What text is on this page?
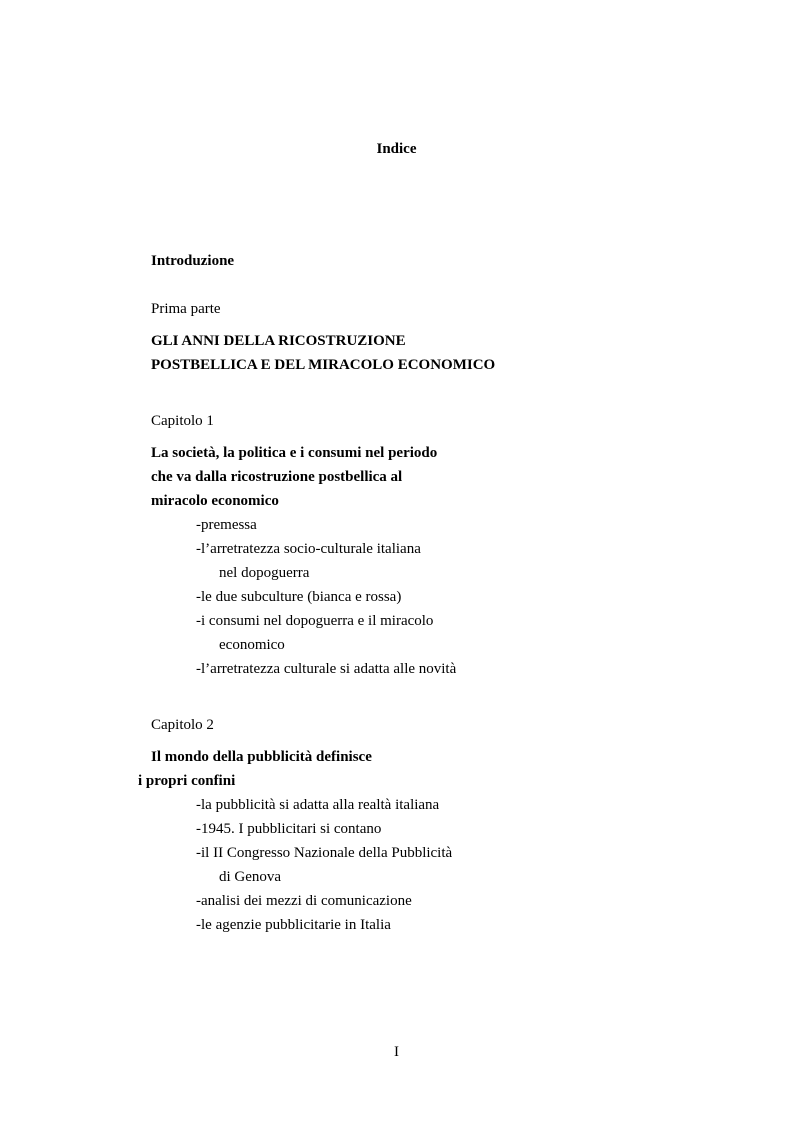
Indice
Introduzione
Prima parte
GLI ANNI DELLA RICOSTRUZIONE
POSTBELLICA E DEL MIRACOLO ECONOMICO
Capitolo 1
La società, la politica e i consumi nel periodo
che va dalla ricostruzione postbellica al
miracolo economico
-premessa
-l’arretratezza socio-culturale italiana
nel dopoguerra
-le due subculture (bianca e rossa)
-i consumi nel dopoguerra e il miracolo
economico
-l’arretratezza culturale si adatta alle novità
Capitolo 2
Il mondo della pubblicità definisce
i propri confini
-la pubblicità si adatta alla realtà italiana
-1945. I pubblicitari si contano
-il II Congresso Nazionale della Pubblicità
di Genova
-analisi dei mezzi di comunicazione
-le agenzie pubblicitarie in Italia
I
